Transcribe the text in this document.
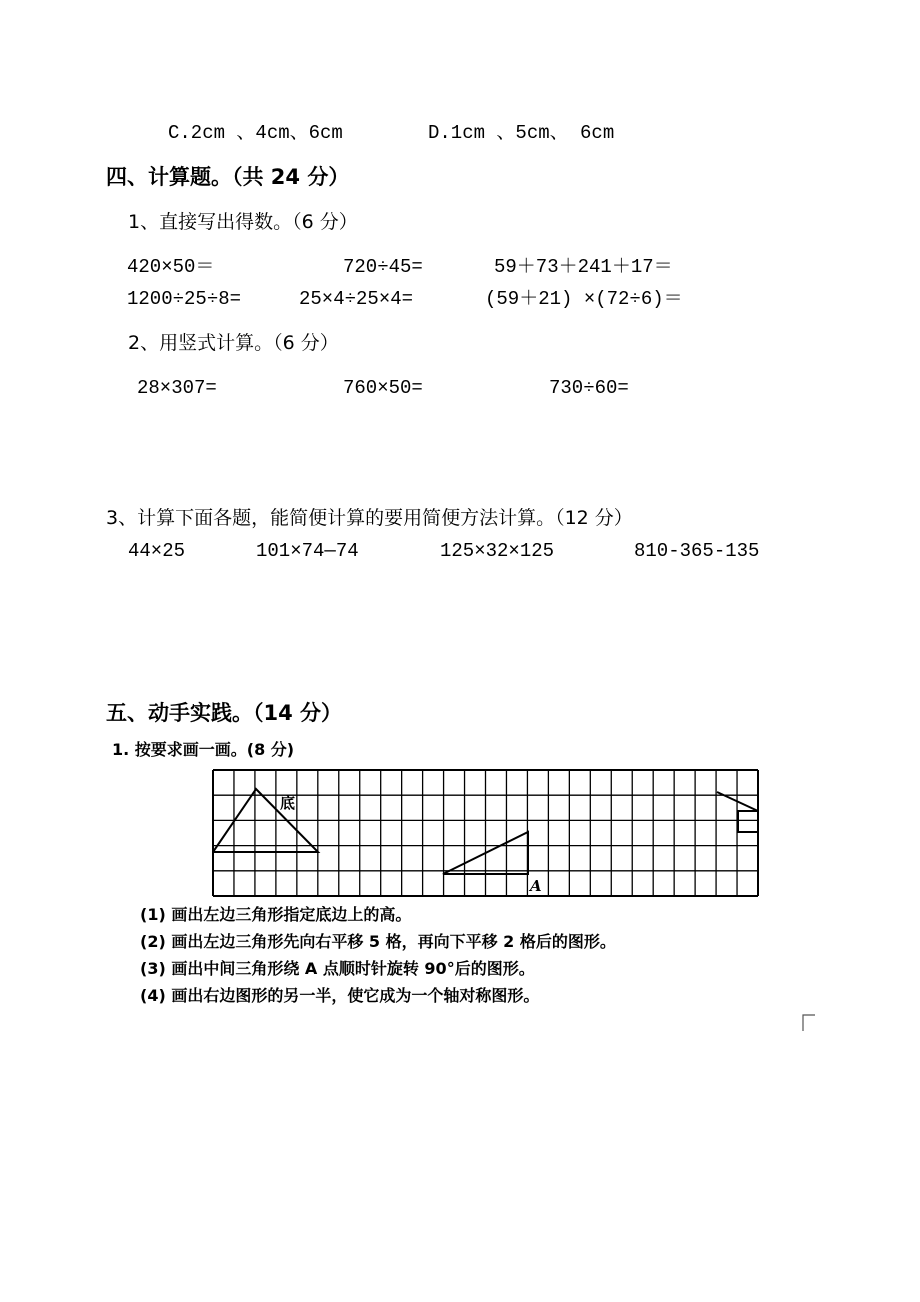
C.2cm 、4cm、6cm	D.1cm 、5cm、 6cm
四、计算题。（共 24 分）
1、直接写出得数。（6 分）
420×50＝	720÷45=	59＋73＋241＋17＝
1200÷25÷8=	25×4÷25×4=	(59＋21) ×(72÷6)＝
2、用竖式计算。（6 分）
28×307=	760×50=	730÷60=
3、计算下面各题，能简便计算的要用简便方法计算。（12 分）
44×25	101×74—74	125×32×125	810-365-135
五、动手实践。（14 分）
1. 按要求画一画。(8 分)
底
A
(1) 画出左边三角形指定底边上的高。
(2) 画出左边三角形先向右平移 5 格，再向下平移 2 格后的图形。
(3) 画出中间三角形绕 A 点顺时针旋转 90°后的图形。
(4) 画出右边图形的另一半，使它成为一个轴对称图形。
